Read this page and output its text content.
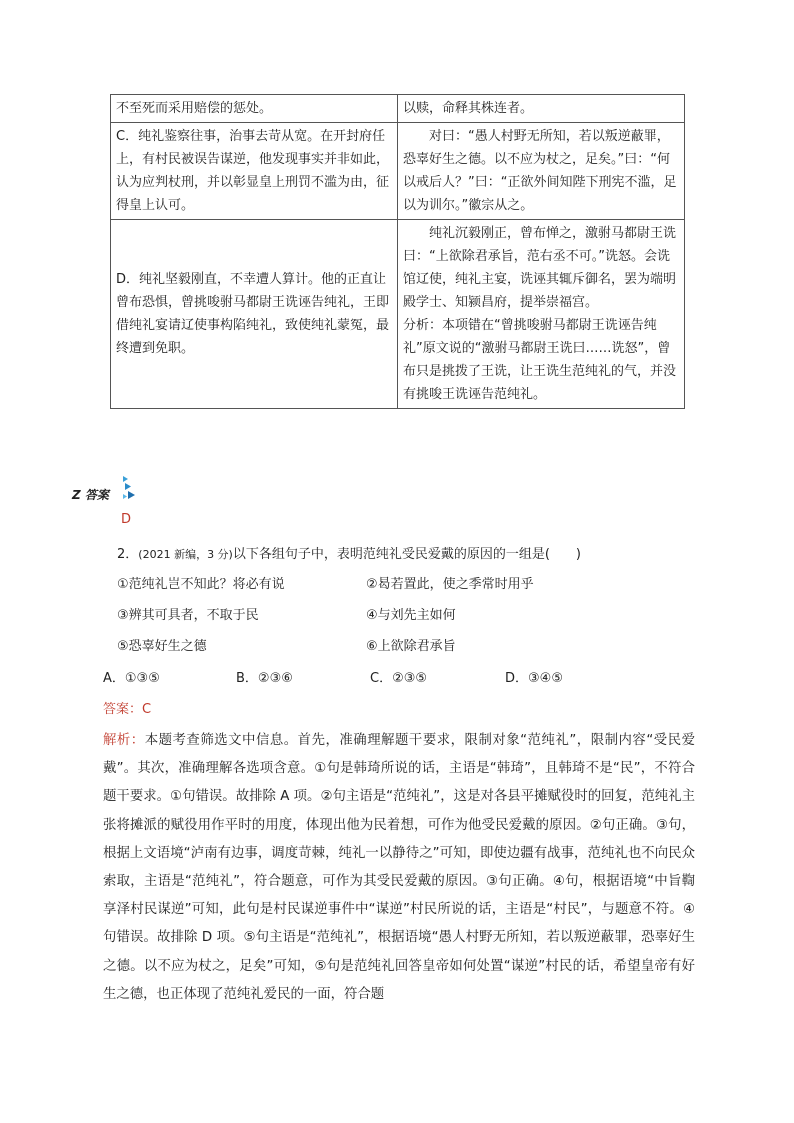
不至死而采用赔偿的惩处。	以赎，命释其株连者。

C．纯礼鉴察往事，治事去苛从宽。在开封府任上，有村民被误告谋逆，他发现事实并非如此，认为应判杖刑，并以彰显皇上刑罚不滥为由，征得皇上认可。	对曰：“愚人村野无所知，若以叛逆蔽罪，恐辜好生之德。以不应为杖之，足矣。”曰：“何以戒后人？”曰：“正欲外间知陛下刑宪不滥，足以为训尔。”徽宗从之。

D．纯礼坚毅刚直，不幸遭人算计。他的正直让曾布恐惧，曾挑唆驸马都尉王诜诬告纯礼，王即借纯礼宴请辽使事构陷纯礼，致使纯礼蒙冤，最终遭到免职。	纯礼沉毅刚正，曾布惮之，激驸马都尉王诜曰：“上欲除君承旨，范右丞不可。”诜怒。会诜馆辽使，纯礼主宴，诜诬其辄斥御名，罢为端明殿学士、知颍昌府，提举崇福宫。

分析：本项错在“曾挑唆驸马都尉王诜诬告纯礼”原文说的“激驸马都尉王诜曰……诜怒”，曾布只是挑拨了王诜，让王诜生范纯礼的气，并没有挑唆王诜诬告范纯礼。

Z 答案
D
2．(2021 新编，3 分)以下各组句子中，表明范纯礼受民爱戴的原因的一组是(　　)
①范纯礼岂不知此？将必有说	②曷若置此，使之季常时用乎
③辨其可具者，不取于民	④与刘先主如何
⑤恐辜好生之德	⑥上欲除君承旨
A．①③⑤	B．②③⑥	C．②③⑤	D．③④⑤
答案：C
解析：本题考查筛选文中信息。首先，准确理解题干要求，限制对象“范纯礼”，限制内容“受民爱戴”。其次，准确理解各选项含意。①句是韩琦所说的话，主语是“韩琦”，且韩琦不是“民”，不符合题干要求。①句错误。故排除 A 项。②句主语是“范纯礼”，这是对各县平摊赋役时的回复，范纯礼主张将摊派的赋役用作平时的用度，体现出他为民着想，可作为他受民爱戴的原因。②句正确。③句，根据上文语境“泸南有边事，调度苛棘，纯礼一以静待之”可知，即使边疆有战事，范纯礼也不向民众索取，主语是“范纯礼”，符合题意，可作为其受民爱戴的原因。③句正确。④句，根据语境“中旨鞫享泽村民谋逆”可知，此句是村民谋逆事件中“谋逆”村民所说的话，主语是“村民”，与题意不符。④句错误。故排除 D 项。⑤句主语是“范纯礼”，根据语境“愚人村野无所知，若以叛逆蔽罪，恐辜好生之德。以不应为杖之，足矣”可知，⑤句是范纯礼回答皇帝如何处置“谋逆”村民的话，希望皇帝有好生之德，也正体现了范纯礼爱民的一面，符合题
